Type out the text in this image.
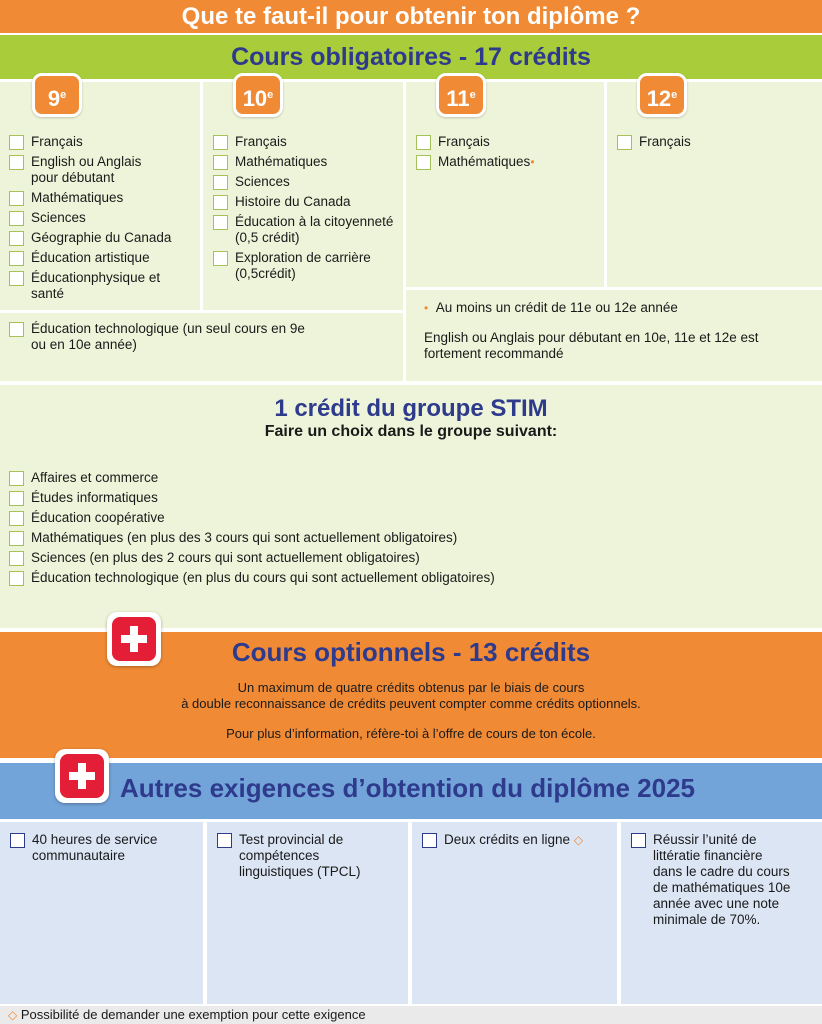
Que te faut-il pour obtenir ton diplôme ?
Cours obligatoires - 17 crédits
9e
Français
English ou Anglais pour débutant
Mathématiques
Sciences
Géographie du Canada
Éducation artistique
Éducationphysique et santé
10e
Français
Mathématiques
Sciences
Histoire du Canada
Éducation à la citoyenneté (0,5 crédit)
Exploration de carrière (0,5crédit)
11e
Français
Mathématiques•
12e
Français
Éducation technologique (un seul cours en 9e ou en 10e année)
• Au moins un crédit de 11e ou 12e année
English ou Anglais pour débutant en 10e, 11e et 12e est fortement recommandé
1 crédit du groupe STIM
Faire un choix dans le groupe suivant:
Affaires et commerce
Études informatiques
Éducation coopérative
Mathématiques (en plus des 3 cours qui sont actuellement obligatoires)
Sciences (en plus des 2 cours qui sont actuellement obligatoires)
Éducation technologique (en plus du cours qui sont actuellement obligatoires)
Cours optionnels - 13 crédits
Un maximum de quatre crédits obtenus par le biais de cours
à double reconnaissance de crédits peuvent compter comme crédits optionnels.
Pour plus d’information, réfère-toi à l’offre de cours de ton école.
Autres exigences d’obtention du diplôme 2025
40 heures de service communautaire
Test provincial de compétences linguistiques (TPCL)
Deux crédits en ligne ◇	Réussir l’unité de littératie financière dans le cadre du cours de mathématiques 10e année avec une note minimale de 70%.
◇ Possibilité de demander une exemption pour cette exigence
